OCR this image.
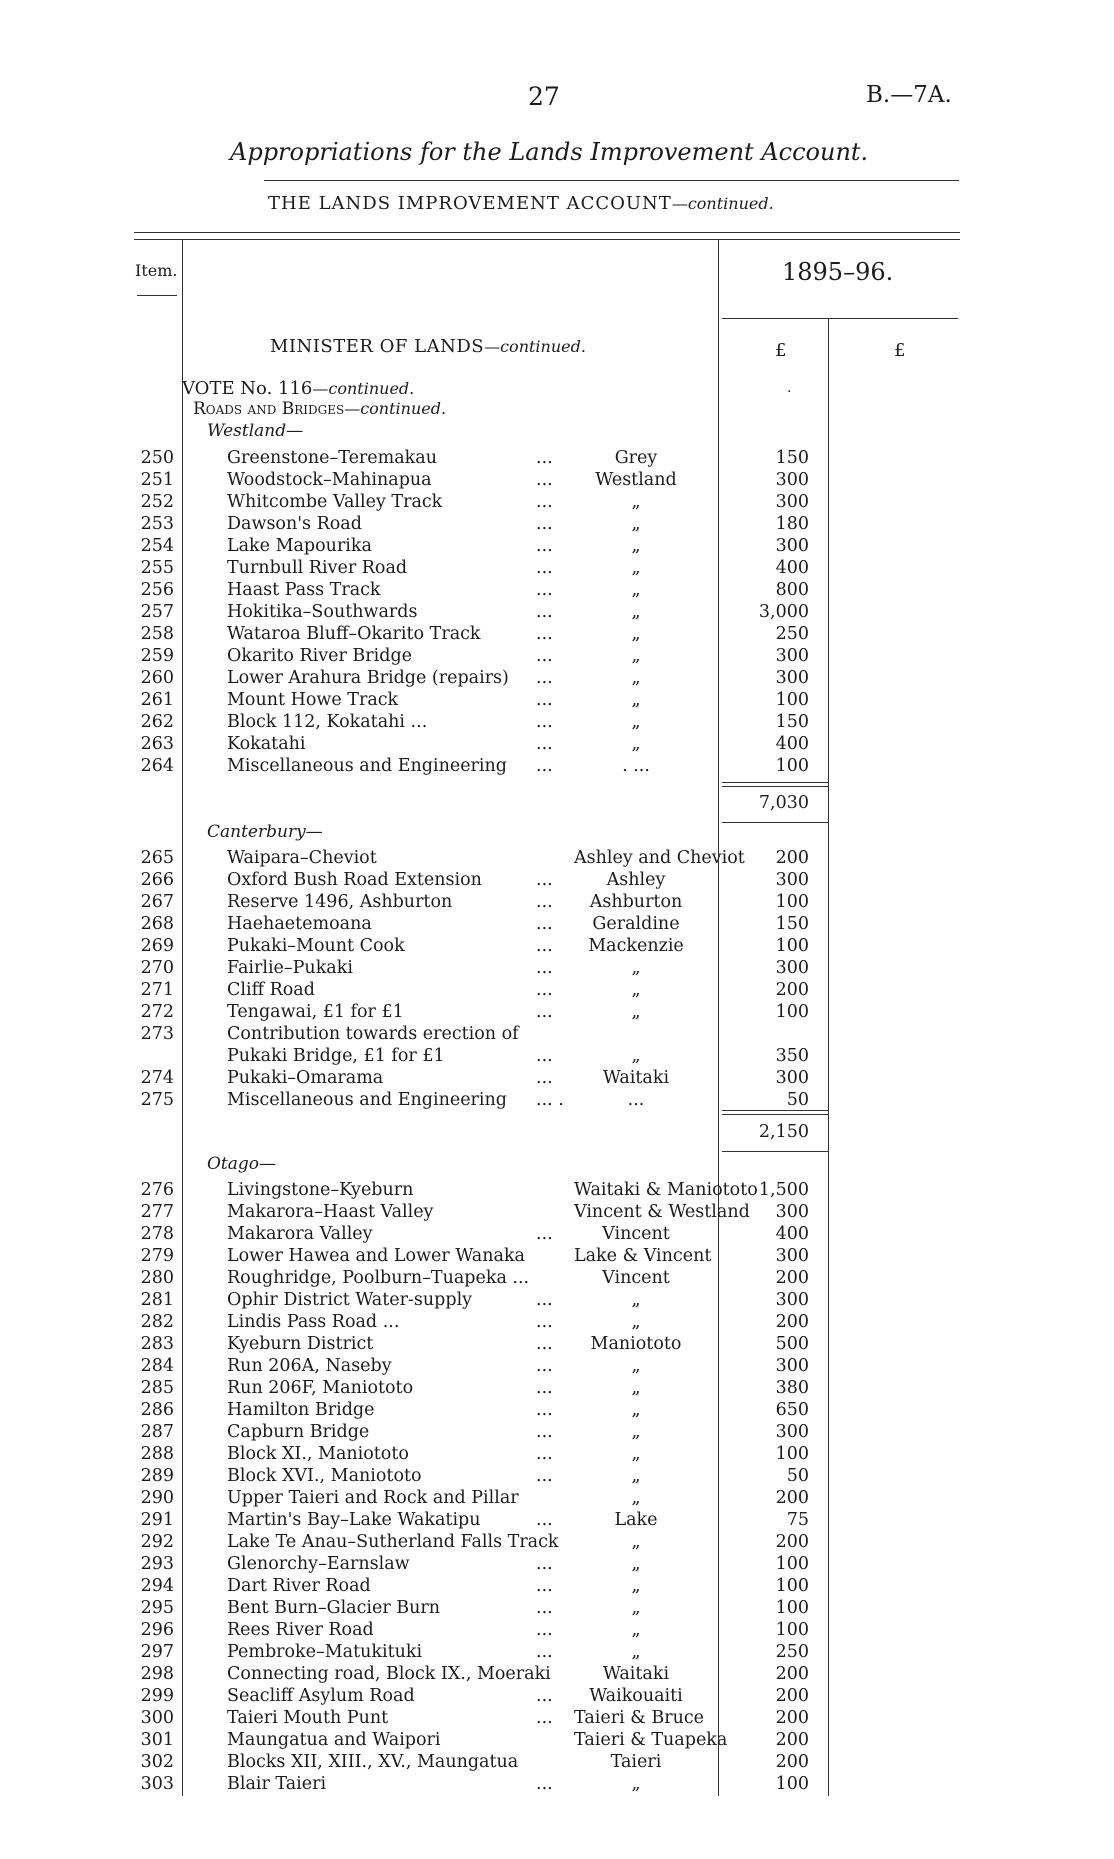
27	B.—7A.
Appropriations for the Lands Improvement Account.
THE LANDS IMPROVEMENT ACCOUNT—continued.
Item.	1895–96.
£	£
MINISTER OF LANDS—continued.
VOTE No. 116—continued.
Roads and Bridges—continued.
.
Westland—
250	Greenstone–Teremakau	...	Grey	150
251	Woodstock–Mahinapua	...	Westland	300
252	Whitcombe Valley Track	...	„	300
253	Dawson's Road	...	„	180
254	Lake Mapourika	...	„	300
255	Turnbull River Road	...	„	400
256	Haast Pass Track	...	„	800
257	Hokitika–Southwards	...	„	3,000
258	Wataroa Bluff–Okarito Track	...	„	250
259	Okarito River Bridge	...	„	300
260	Lower Arahura Bridge (repairs) ...	„	300
261	Mount Howe Track	...	„	100
262	Block 112, Kokatahi ...	...	„	150
263	Kokatahi	...	„	400
264	Miscellaneous and Engineering ...	. ...	100
7,030
Canterbury—
265	Waipara–Cheviot	Ashley and Cheviot	200
266	Oxford Bush Road Extension	...	Ashley	300
267	Reserve 1496, Ashburton	...	Ashburton	100
268	Haehaetemoana	...	Geraldine	150
269	Pukaki–Mount Cook	...	Mackenzie	100
270	Fairlie–Pukaki	...	„	300
271	Cliff Road	...	„	200
272	Tengawai, £1 for £1	...	„	100
273	Contribution towards erection of
Pukaki Bridge, £1 for £1	...	„	350
274	Pukaki–Omarama	...	Waitaki	300
275	Miscellaneous and Engineering ... .	...	50
2,150
Otago—
276	Livingstone–Kyeburn	Waitaki & Maniototo 1,500
277	Makarora–Haast Valley	Vincent & Westland	300
278	Makarora Valley	...	Vincent	400
279	Lower Hawea and Lower Wanaka	Lake & Vincent	300
280	Roughridge, Poolburn–Tuapeka ...	Vincent	200
281	Ophir District Water-supply	...	„	300
282	Lindis Pass Road ...	...	„	200
283	Kyeburn District	...	Maniototo	500
284	Run 206A, Naseby	...	„	300
285	Run 206F, Maniototo	...	„	380
286	Hamilton Bridge	...	„	650
287	Capburn Bridge	...	„	300
288	Block XI., Maniototo	...	„	100
289	Block XVI., Maniototo	...	„	50
290	Upper Taieri and Rock and Pillar	„	200
291	Martin's Bay–Lake Wakatipu	...	Lake	75
292	Lake Te Anau–Sutherland Falls Track	„	200
293	Glenorchy–Earnslaw	...	„	100
294	Dart River Road	...	„	100
295	Bent Burn–Glacier Burn	...	„	100
296	Rees River Road	...	„	100
297	Pembroke–Matukituki	...	„	250
298	Connecting road, Block IX., Moeraki	Waitaki	200
299	Seacliff Asylum Road	...	Waikouaiti	200
300	Taieri Mouth Punt	... Taieri & Bruce	200
301	Maungatua and Waipori	Taieri & Tuapeka	200
302	Blocks XII, XIII., XV., Maungatua	Taieri	200
303	Blair Taieri	...	„	100
